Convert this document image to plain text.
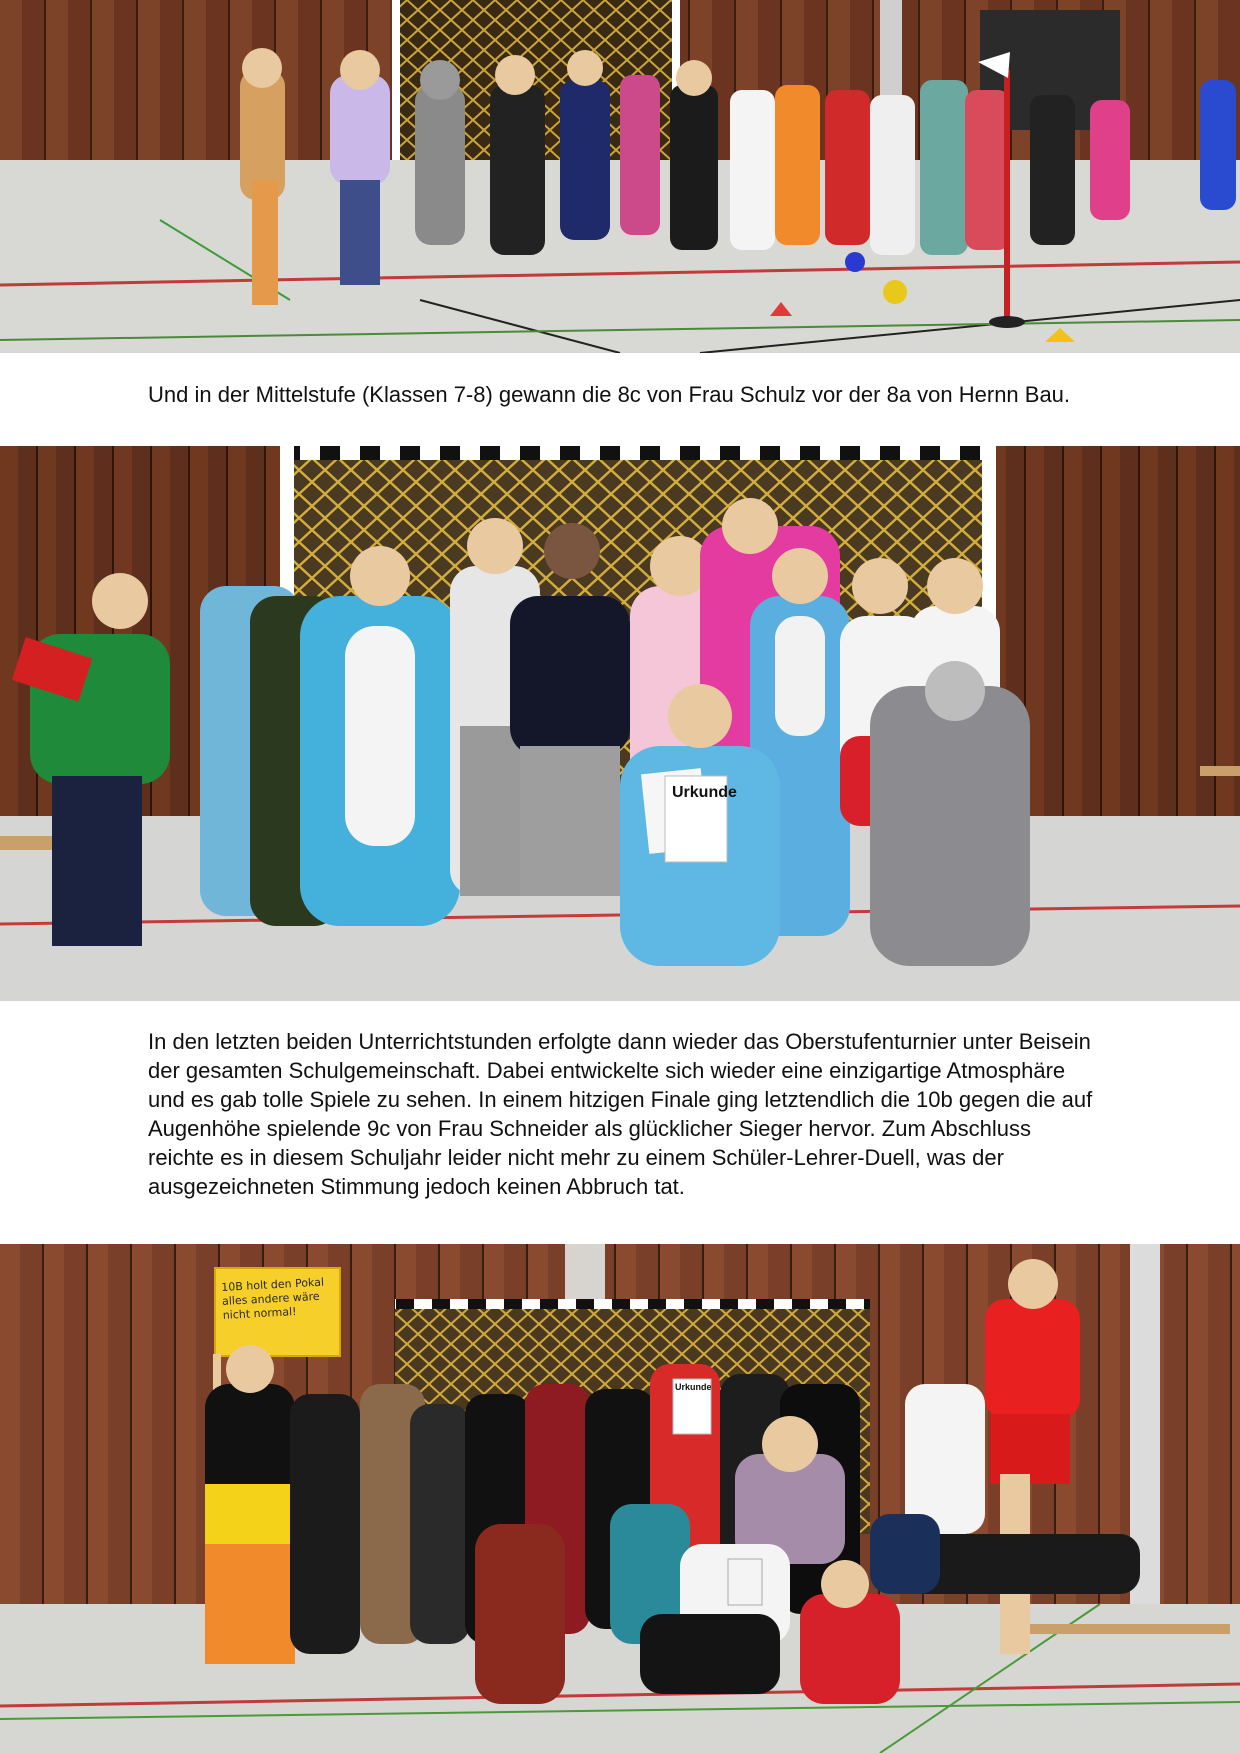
Und in der Mittelstufe (Klassen 7-8) gewann die 8c von Frau Schulz vor der 8a von Hernn Bau.

Urkunde

In den letzten beiden Unterrichtstunden erfolgte dann wieder das Oberstufenturnier unter Beisein der gesamten Schulgemeinschaft. Dabei entwickelte sich wieder eine einzigartige Atmosphäre und es gab tolle Spiele zu sehen. In einem hitzigen Finale ging letztendlich die 10b gegen die auf Augenhöhe spielende 9c von Frau Schneider als glücklicher Sieger hervor. Zum Abschluss reichte es in diesem Schuljahr leider nicht mehr zu einem Schüler-Lehrer-Duell, was der ausgezeichneten Stimmung jedoch keinen Abbruch tat.

10B holt den Pokal alles andere wäre nicht normal!
Urkunde
